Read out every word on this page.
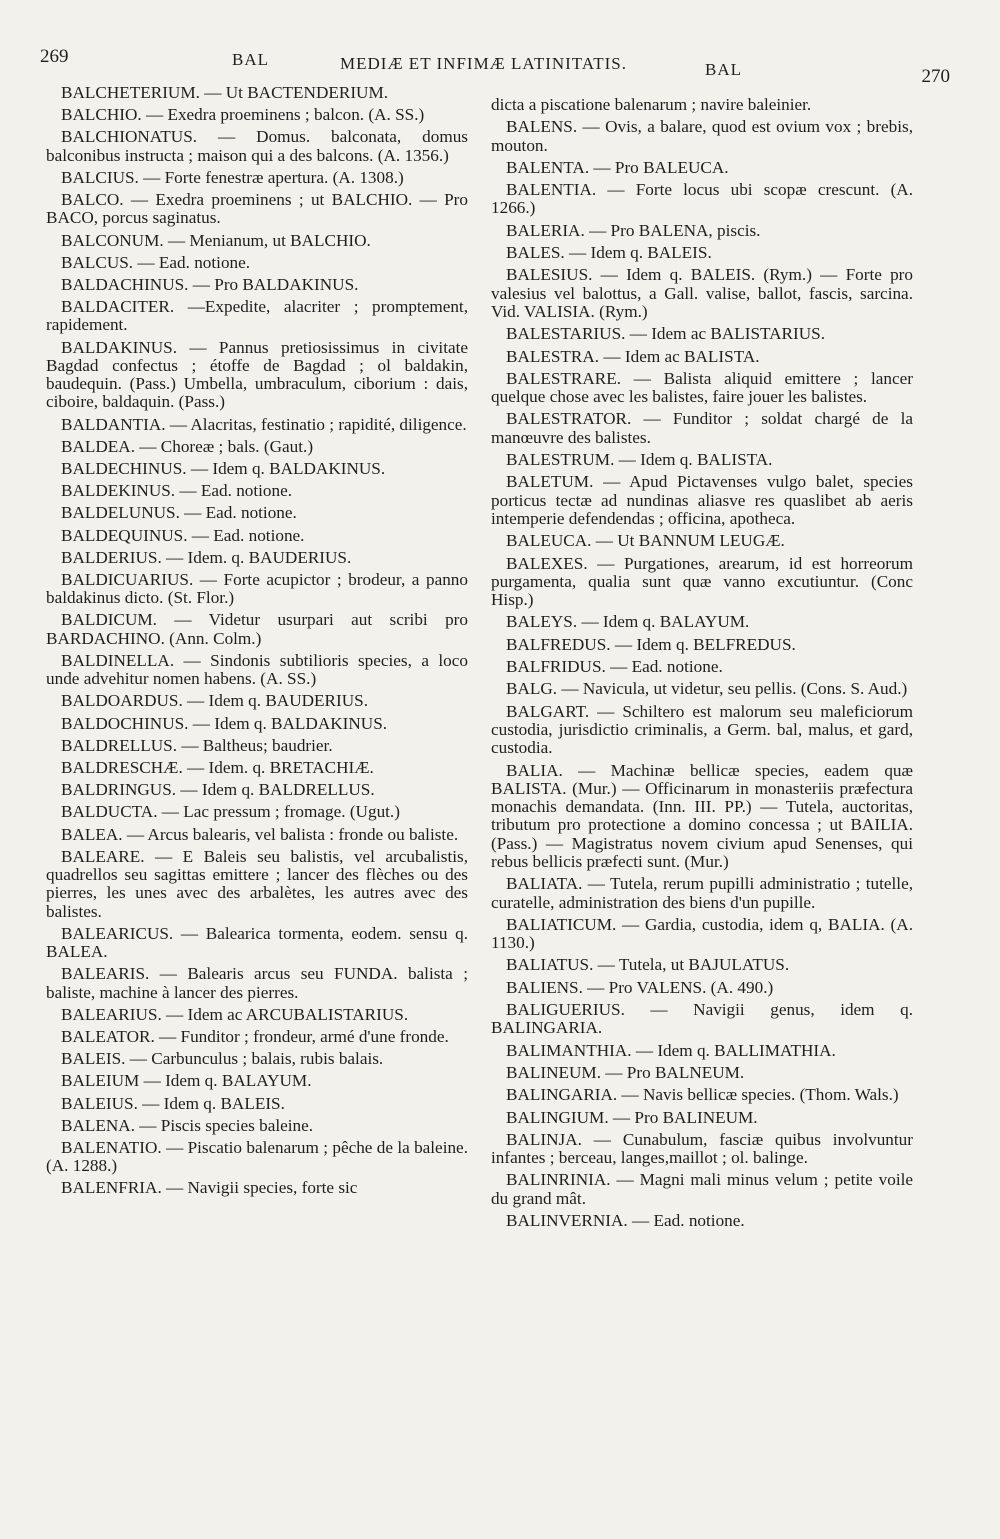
269	BAL	MEDIÆ ET INFIMÆ LATINITATIS.	BAL	270

BALCHETERIUM. — Ut BACTENDERIUM.

BALCHIO. — Exedra proeminens ; balcon. (A. SS.)

BALCHIONATUS. — Domus. balconata, domus balconibus instructa ; maison qui a des balcons. (A. 1356.)

BALCIUS. — Forte fenestræ apertura. (A. 1308.)

BALCO. — Exedra proeminens ; ut BALCHIO. — Pro BACO, porcus saginatus.

BALCONUM. — Menianum, ut BALCHIO.

BALCUS. — Ead. notione.

BALDACHINUS. — Pro BALDAKINUS.

BALDACITER. —Expedite, alacriter ; promptement, rapidement.

BALDAKINUS. — Pannus pretiosissimus in civitate Bagdad confectus ; étoffe de Bagdad ; ol baldakin, baudequin. (Pass.) Umbella, umbraculum, ciborium : dais, ciboire, baldaquin. (Pass.)

BALDANTIA. — Alacritas, festinatio ; rapidité, diligence.

BALDEA. — Choreæ ; bals. (Gaut.)

BALDECHINUS. — Idem q. BALDAKINUS.

BALDEKINUS. — Ead. notione.

BALDELUNUS. — Ead. notione.

BALDEQUINUS. — Ead. notione.

BALDERIUS. — Idem. q. BAUDERIUS.

BALDICUARIUS. — Forte acupictor ; brodeur, a panno baldakinus dicto. (St. Flor.)

BALDICUM. — Videtur usurpari aut scribi pro BARDACHINO. (Ann. Colm.)

BALDINELLA. — Sindonis subtilioris species, a loco unde advehitur nomen habens. (A. SS.)

BALDOARDUS. — Idem q. BAUDERIUS.

BALDOCHINUS. — Idem q. BALDAKINUS.

BALDRELLUS. — Baltheus; baudrier.

BALDRESCHÆ. — Idem. q. BRETACHIÆ.

BALDRINGUS. — Idem q. BALDRELLUS.

BALDUCTA. — Lac pressum ; fromage. (Ugut.)

BALEA. — Arcus balearis, vel balista : fronde ou baliste.

BALEARE. — E Baleis seu balistis, vel arcubalistis, quadrellos seu sagittas emittere ; lancer des flèches ou des pierres, les unes avec des arbalètes, les autres avec des balistes.

BALEARICUS. — Balearica tormenta, eodem. sensu q. BALEA.

BALEARIS. — Balearis arcus seu FUNDA. balista ; baliste, machine à lancer des pierres.

BALEARIUS. — Idem ac ARCUBALISTARIUS.

BALEATOR. — Funditor ; frondeur, armé d'une fronde.

BALEIS. — Carbunculus ; balais, rubis balais.

BALEIUM — Idem q. BALAYUM.

BALEIUS. — Idem q. BALEIS.

BALENA. — Piscis species baleine.

BALENATIO. — Piscatio balenarum ; pêche de la baleine. (A. 1288.)

BALENFRIA. — Navigii species, forte sic

dicta a piscatione balenarum ; navire baleinier.

BALENS. — Ovis, a balare, quod est ovium vox ; brebis, mouton.

BALENTA. — Pro BALEUCA.

BALENTIA. — Forte locus ubi scopæ crescunt. (A. 1266.)

BALERIA. — Pro BALENA, piscis.

BALES. — Idem q. BALEIS.

BALESIUS. — Idem q. BALEIS. (Rym.) — Forte pro valesius vel balottus, a Gall. valise, ballot, fascis, sarcina. Vid. VALISIA. (Rym.)

BALESTARIUS. — Idem ac BALISTARIUS.

BALESTRA. — Idem ac BALISTA.

BALESTRARE. — Balista aliquid emittere ; lancer quelque chose avec les balistes, faire jouer les balistes.

BALESTRATOR. — Funditor ; soldat chargé de la manœuvre des balistes.

BALESTRUM. — Idem q. BALISTA.

BALETUM. — Apud Pictavenses vulgo balet, species porticus tectæ ad nundinas aliasve res quaslibet ab aeris intemperie defendendas ; officina, apotheca.

BALEUCA. — Ut BANNUM LEUGÆ.

BALEXES. — Purgationes, arearum, id est horreorum purgamenta, qualia sunt quæ vanno excutiuntur. (Conc Hisp.)

BALEYS. — Idem q. BALAYUM.

BALFREDUS. — Idem q. BELFREDUS.

BALFRIDUS. — Ead. notione.

BALG. — Navicula, ut videtur, seu pellis. (Cons. S. Aud.)

BALGART. — Schiltero est malorum seu maleficiorum custodia, jurisdictio criminalis, a Germ. bal, malus, et gard, custodia.

BALIA. — Machinæ bellicæ species, eadem quæ BALISTA. (Mur.) — Officinarum in monasteriis præfectura monachis demandata. (Inn. III. PP.) — Tutela, auctoritas, tributum pro protectione a domino concessa ; ut BAILIA. (Pass.) — Magistratus novem civium apud Senenses, qui rebus bellicis præfecti sunt. (Mur.)

BALIATA. — Tutela, rerum pupilli administratio ; tutelle, curatelle, administration des biens d'un pupille.

BALIATICUM. — Gardia, custodia, idem q, BALIA. (A. 1130.)

BALIATUS. — Tutela, ut BAJULATUS.

BALIENS. — Pro VALENS. (A. 490.)

BALIGUERIUS. — Navigii genus, idem q. BALINGARIA.

BALIMANTHIA. — Idem q. BALLIMATHIA.

BALINEUM. — Pro BALNEUM.

BALINGARIA. — Navis bellicæ species. (Thom. Wals.)

BALINGIUM. — Pro BALINEUM.

BALINJA. — Cunabulum, fasciæ quibus involvuntur infantes ; berceau, langes,maillot ; ol. balinge.

BALINRINIA. — Magni mali minus velum ; petite voile du grand mât.

BALINVERNIA. — Ead. notione.
